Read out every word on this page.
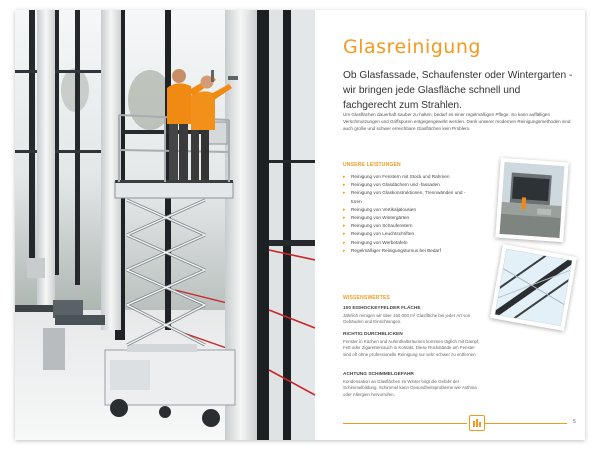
Glasreinigung

Ob Glasfassade, Schaufenster oder Wintergarten - wir bringen jede Glasfläche schnell und fachgerecht zum Strahlen.

Um Glasflächen dauerhaft sauber zu halten, bedarf es einer regelmäßigen Pflege. So kann auffälligen Verschmutzungen und Griffspuren entgegengewirkt werden. Dank unserer modernen Reinigungsmethoden sind auch große und schwer erreichbare Glasflächen kein Problem.

UNSERE LEISTUNGEN

▸ Reinigung von Fenstern mit Stock und Rahmen
▸ Reinigung von Glasdächern und -fassaden
▸ Reinigung von Glaskonstruktionen, Trennwänden und -türen
▸ Reinigung von Vertikaljalousien
▸ Reinigung von Wintergärten
▸ Reinigung von Schaufenstern
▸ Reinigung von Leuchtschriften
▸ Reinigung von Werbetafeln
▸ Regelmäßiger Reinigungsturnus bei Bedarf

WISSENSWERTES

100 EISHOCKEYFELDER FLÄCHE

Jährlich reinigen wir über 150.000 m² Glasfläche bei jeder Art von Gebäuden und Einrichtungen.

RICHTIG DURCHBLICKEN

Fenster in Küchen und Aufenthaltsräumen kommen täglich mit Dampf, Fett oder Zigarettenrauch in Kontakt. Diese Rückstände am Fenster sind oft ohne professionelle Reinigung nur sehr schwer zu entfernen.

ACHTUNG SCHIMMELGEFAHR

Kondensation an Glasflächen im Winter birgt die Gefahr der Schimmelbildung. Schimmel kann Gesundheitsprobleme wie Asthma oder Allergien hervorrufen.

5
